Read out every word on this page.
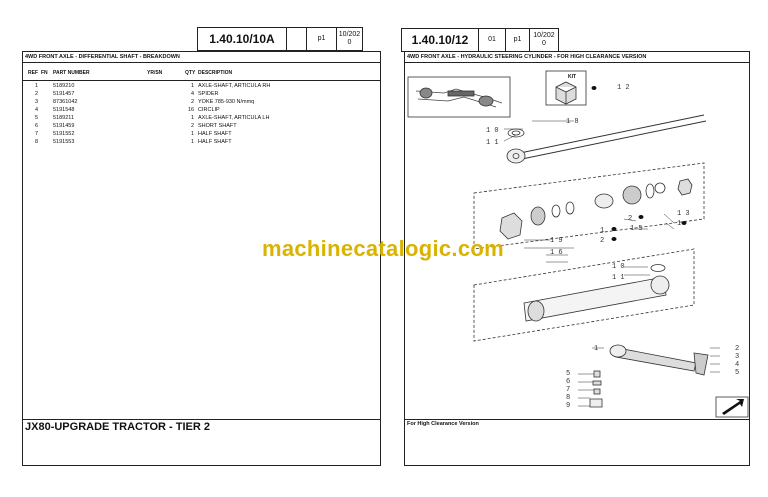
1.40.10/10A	p1
10/202
0
4WD FRONT AXLE - DIFFERENTIAL SHAFT - BREAKDOWN
REF FN PART NUMBER	YR/SN	QTY DESCRIPTION
1	5189210	1 AXLE-SHAFT, ARTICULA RH
2	5191457	4 SPIDER
3	87361042	2 YOKE 785-930 N/mmq
4	5191548	16 CIRCLIP
5	5189211	1 AXLE-SHAFT, ARTICULA LH
6	5191459	2 SHORT SHAFT
7	5191552	1 HALF SHAFT
8	5191553	1 HALF SHAFT
JX80-UPGRADE TRACTOR - TIER 2
1.40.10/12	01	p1
10/202
0
4WD FRONT AXLE - HYDRAULIC STEERING CYLINDER - FOR HIGH CLEARANCE VERSION
KIT
1 2
1 8
1 0
1 1
2
1 3
1
1 5
1
1 9	2
1 6
1 0
1 1
1	2
3
4
5
5
6
7
8
9
For High Clearance Version
machinecatalogic.com
